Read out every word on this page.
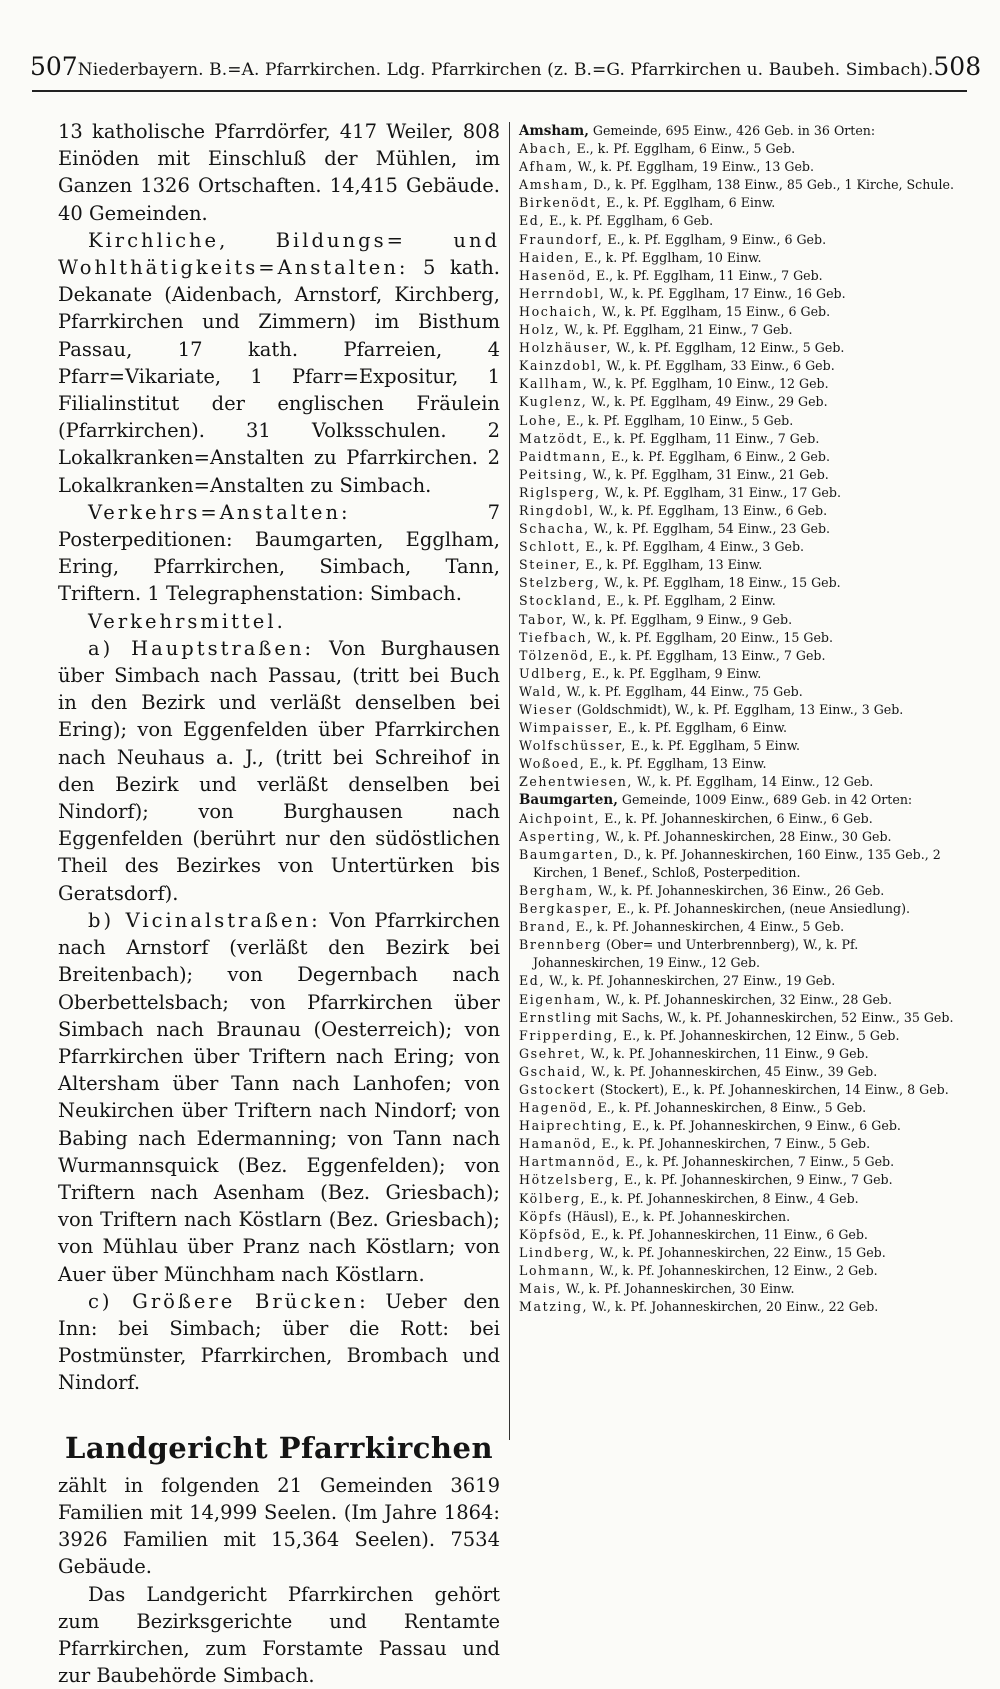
507 Niederbayern. B.=A. Pfarrkirchen. Ldg. Pfarrkirchen (z. B.=G. Pfarrkirchen u. Baubeh. Simbach). 508

13 katholische Pfarrdörfer, 417 Weiler, 808 Einöden mit Einschluß der Mühlen, im Ganzen 1326 Ortschaften. 14,415 Gebäude. 40 Gemeinden.

Kirchliche, Bildungs= und Wohlthätigkeits=Anstalten: 5 kath. Dekanate (Aidenbach, Arnstorf, Kirchberg, Pfarrkirchen und Zimmern) im Bisthum Passau, 17 kath. Pfarreien, 4 Pfarr=Vikariate, 1 Pfarr=Expositur, 1 Filialinstitut der englischen Fräulein (Pfarrkirchen). 31 Volksschulen. 2 Lokalkranken=Anstalten zu Pfarrkirchen. 2 Lokalkranken=Anstalten zu Simbach.

Verkehrs=Anstalten:	7 Posterpeditionen: Baumgarten, Egglham, Ering, Pfarrkirchen, Simbach, Tann, Triftern. 1 Telegraphenstation: Simbach.

Verkehrsmittel.

a) Hauptstraßen: Von Burghausen über Simbach nach Passau, (tritt bei Buch in den Bezirk und verläßt denselben bei Ering); von Eggenfelden über Pfarrkirchen nach Neuhaus a. J., (tritt bei Schreihof in den Bezirk und verläßt denselben bei Nindorf); von Burghausen nach Eggenfelden (berührt nur den südöstlichen Theil des Bezirkes von Untertürken bis Geratsdorf).

b) Vicinalstraßen: Von Pfarrkirchen nach Arnstorf (verläßt den Bezirk bei Breitenbach); von Degernbach nach Oberbettelsbach; von Pfarrkirchen über Simbach nach Braunau (Oesterreich); von Pfarrkirchen über Triftern nach Ering; von Altersham über Tann nach Lanhofen; von Neukirchen über Triftern nach Nindorf; von Babing nach Edermanning; von Tann nach Wurmannsquick (Bez. Eggenfelden); von Triftern nach Asenham (Bez. Griesbach); von Triftern nach Köstlarn (Bez. Griesbach); von Mühlau über Pranz nach Köstlarn; von Auer über Münchham nach Köstlarn.

c) Größere Brücken: Ueber den Inn: bei Simbach; über die Rott: bei Postmünster, Pfarrkirchen, Brombach und Nindorf.

Landgericht Pfarrkirchen

zählt in folgenden 21 Gemeinden 3619 Familien mit 14,999 Seelen. (Im Jahre 1864: 3926 Familien mit 15,364 Seelen). 7534 Gebäude.

Das Landgericht Pfarrkirchen gehört zum Bezirksgerichte und Rentamte Pfarrkirchen, zum Forstamte Passau und zur Baubehörde Simbach.

Amsham, Gemeinde, 695 Einw., 426 Geb. in 36 Orten:

Abach, E., k. Pf. Egglham, 6 Einw., 5 Geb.

Afham, W., k. Pf. Egglham, 19 Einw., 13 Geb.

Amsham, D., k. Pf. Egglham, 138 Einw., 85 Geb., 1 Kirche, Schule.

Birkenödt, E., k. Pf. Egglham, 6 Einw.

Ed, E., k. Pf. Egglham, 6 Geb.

Fraundorf, E., k. Pf. Egglham, 9 Einw., 6 Geb.

Haiden, E., k. Pf. Egglham, 10 Einw.

Hasenöd, E., k. Pf. Egglham, 11 Einw., 7 Geb.

Herrndobl, W., k. Pf. Egglham, 17 Einw., 16 Geb.

Hochaich, W., k. Pf. Egglham, 15 Einw., 6 Geb.

Holz, W., k. Pf. Egglham, 21 Einw., 7 Geb.

Holzhäuser, W., k. Pf. Egglham, 12 Einw., 5 Geb.

Kainzdobl, W., k. Pf. Egglham, 33 Einw., 6 Geb.

Kallham, W., k. Pf. Egglham, 10 Einw., 12 Geb.

Kuglenz, W., k. Pf. Egglham, 49 Einw., 29 Geb.

Lohe, E., k. Pf. Egglham, 10 Einw., 5 Geb.

Matzödt, E., k. Pf. Egglham, 11 Einw., 7 Geb.

Paidtmann, E., k. Pf. Egglham, 6 Einw., 2 Geb.

Peitsing, W., k. Pf. Egglham, 31 Einw., 21 Geb.

Riglsperg, W., k. Pf. Egglham, 31 Einw., 17 Geb.

Ringdobl, W., k. Pf. Egglham, 13 Einw., 6 Geb.

Schacha, W., k. Pf. Egglham, 54 Einw., 23 Geb.

Schlott, E., k. Pf. Egglham, 4 Einw., 3 Geb.

Steiner, E., k. Pf. Egglham, 13 Einw.

Stelzberg, W., k. Pf. Egglham, 18 Einw., 15 Geb.

Stockland, E., k. Pf. Egglham, 2 Einw.

Tabor, W., k. Pf. Egglham, 9 Einw., 9 Geb.

Tiefbach, W., k. Pf. Egglham, 20 Einw., 15 Geb.

Tölzenöd, E., k. Pf. Egglham, 13 Einw., 7 Geb.

Udlberg, E., k. Pf. Egglham, 9 Einw.

Wald, W., k. Pf. Egglham, 44 Einw., 75 Geb.

Wieser (Goldschmidt), W., k. Pf. Egglham, 13 Einw., 3 Geb.

Wimpaisser, E., k. Pf. Egglham, 6 Einw.

Wolfschüsser, E., k. Pf. Egglham, 5 Einw.

Woßoed, E., k. Pf. Egglham, 13 Einw.

Zehentwiesen, W., k. Pf. Egglham, 14 Einw., 12 Geb.

Baumgarten, Gemeinde, 1009 Einw., 689 Geb. in 42 Orten:

Aichpoint, E., k. Pf. Johanneskirchen, 6 Einw., 6 Geb.

Asperting, W., k. Pf. Johanneskirchen, 28 Einw., 30 Geb.

Baumgarten, D., k. Pf. Johanneskirchen, 160 Einw., 135 Geb., 2 Kirchen, 1 Benef., Schloß, Posterpedition.

Bergham, W., k. Pf. Johanneskirchen, 36 Einw., 26 Geb.

Bergkasper, E., k. Pf. Johanneskirchen, (neue Ansiedlung).

Brand, E., k. Pf. Johanneskirchen, 4 Einw., 5 Geb.

Brennberg (Ober= und Unterbrennberg), W., k. Pf. Johanneskirchen, 19 Einw., 12 Geb.

Ed, W., k. Pf. Johanneskirchen, 27 Einw., 19 Geb.

Eigenham, W., k. Pf. Johanneskirchen, 32 Einw., 28 Geb.

Ernstling mit Sachs, W., k. Pf. Johanneskirchen, 52 Einw., 35 Geb.

Fripperding, E., k. Pf. Johanneskirchen, 12 Einw., 5 Geb.

Gsehret, W., k. Pf. Johanneskirchen, 11 Einw., 9 Geb.

Gschaid, W., k. Pf. Johanneskirchen, 45 Einw., 39 Geb.

Gstockert (Stockert), E., k. Pf. Johanneskirchen, 14 Einw., 8 Geb.

Hagenöd, E., k. Pf. Johanneskirchen, 8 Einw., 5 Geb.

Haiprechting, E., k. Pf. Johanneskirchen, 9 Einw., 6 Geb.

Hamanöd, E., k. Pf. Johanneskirchen, 7 Einw., 5 Geb.

Hartmannöd, E., k. Pf. Johanneskirchen, 7 Einw., 5 Geb.

Hötzelsberg, E., k. Pf. Johanneskirchen, 9 Einw., 7 Geb.

Kölberg, E., k. Pf. Johanneskirchen, 8 Einw., 4 Geb.

Köpfs (Häusl), E., k. Pf. Johanneskirchen.

Köpfsöd, E., k. Pf. Johanneskirchen, 11 Einw., 6 Geb.

Lindberg, W., k. Pf. Johanneskirchen, 22 Einw., 15 Geb.

Lohmann, W., k. Pf. Johanneskirchen, 12 Einw., 2 Geb.

Mais, W., k. Pf. Johanneskirchen, 30 Einw.

Matzing, W., k. Pf. Johanneskirchen, 20 Einw., 22 Geb.
